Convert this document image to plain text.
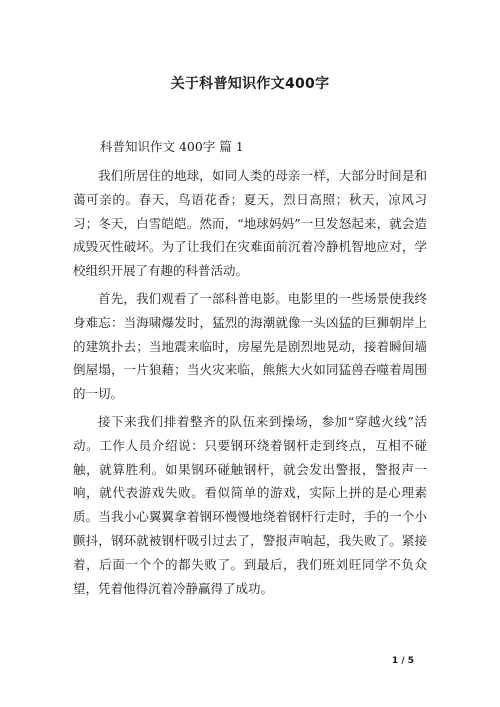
关于科普知识作文400字
科普知识作文 400字 篇 1

我们所居住的地球，如同人类的母亲一样，大部分时间是和蔼可亲的。春天，鸟语花香；夏天，烈日高照；秋天，凉风习习；冬天，白雪皑皑。然而，“地球妈妈”一旦发怒起来，就会造成毁灭性破坏。为了让我们在灾难面前沉着冷静机智地应对，学校组织开展了有趣的科普活动。

首先，我们观看了一部科普电影。电影里的一些场景使我终身难忘：当海啸爆发时，猛烈的海潮就像一头凶猛的巨狮朝岸上的建筑扑去；当地震来临时，房屋先是剧烈地晃动，接着瞬间墙倒屋塌，一片狼藉；当火灾来临，熊熊大火如同猛兽吞噬着周围的一切。

接下来我们排着整齐的队伍来到操场，参加“穿越火线”活动。工作人员介绍说：只要钢环绕着钢杆走到终点，互相不碰触，就算胜利。如果钢环碰触钢杆，就会发出警报，警报声一响，就代表游戏失败。看似简单的游戏，实际上拼的是心理素质。当我小心翼翼拿着钢环慢慢地绕着钢杆行走时，手的一个小颤抖，钢环就被钢杆吸引过去了，警报声响起，我失败了。紧接着，后面一个个的都失败了。到最后，我们班刘旺同学不负众望，凭着他得沉着冷静赢得了成功。

1 / 5
